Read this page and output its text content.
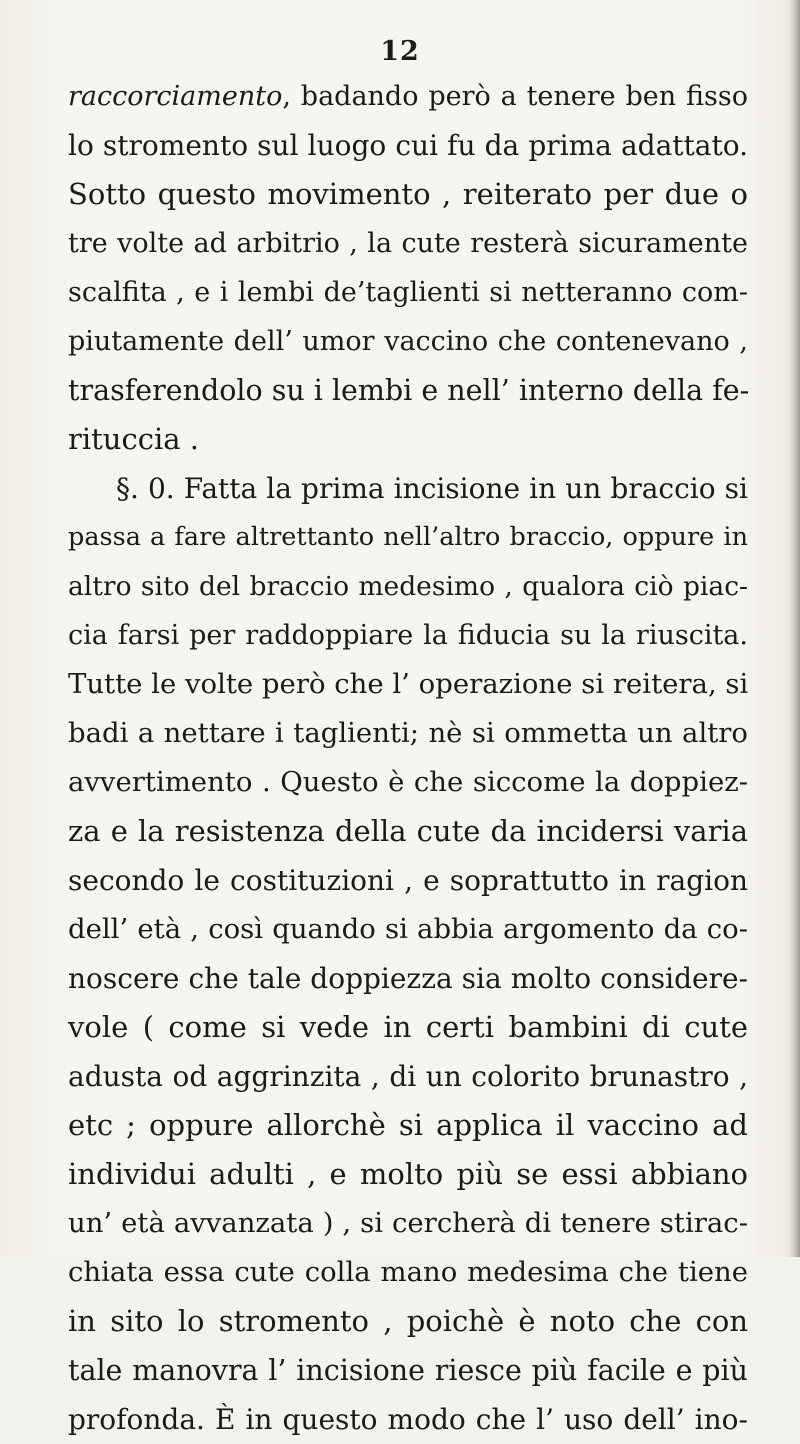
12
raccorciamento, badando però a tenere ben fisso
lo stromento sul luogo cui fu da prima adattato.
Sotto questo movimento , reiterato per due o
tre volte ad arbitrio , la cute resterà sicuramente
scalfita , e i lembi de’taglienti si netteranno com-
piutamente dell’ umor vaccino che contenevano ,
trasferendolo su i lembi e nell’ interno della fe-
rituccia .
§. 0. Fatta la prima incisione in un braccio si
passa a fare altrettanto nell’altro braccio, oppure in
altro sito del braccio medesimo , qualora ciò piac-
cia farsi per raddoppiare la fiducia su la riuscita.
Tutte le volte però che l’ operazione si reitera, si
badi a nettare i taglienti; nè si ommetta un altro
avvertimento . Questo è che siccome la doppiez-
za e la resistenza della cute da incidersi varia
secondo le costituzioni , e soprattutto in ragion
dell’ età , così quando si abbia argomento da co-
noscere che tale doppiezza sia molto considere-
vole ( come si vede in certi bambini di cute
adusta od aggrinzita , di un colorito brunastro ,
etc ; oppure allorchè si applica il vaccino ad
individui adulti , e molto più se essi abbiano
un’ età avvanzata ) , si cercherà di tenere stirac-
chiata essa cute colla mano medesima che tiene
in sito lo stromento , poichè è noto che con
tale manovra l’ incisione riesce più facile e più
profonda. È in questo modo che l’ uso dell’ ino-
